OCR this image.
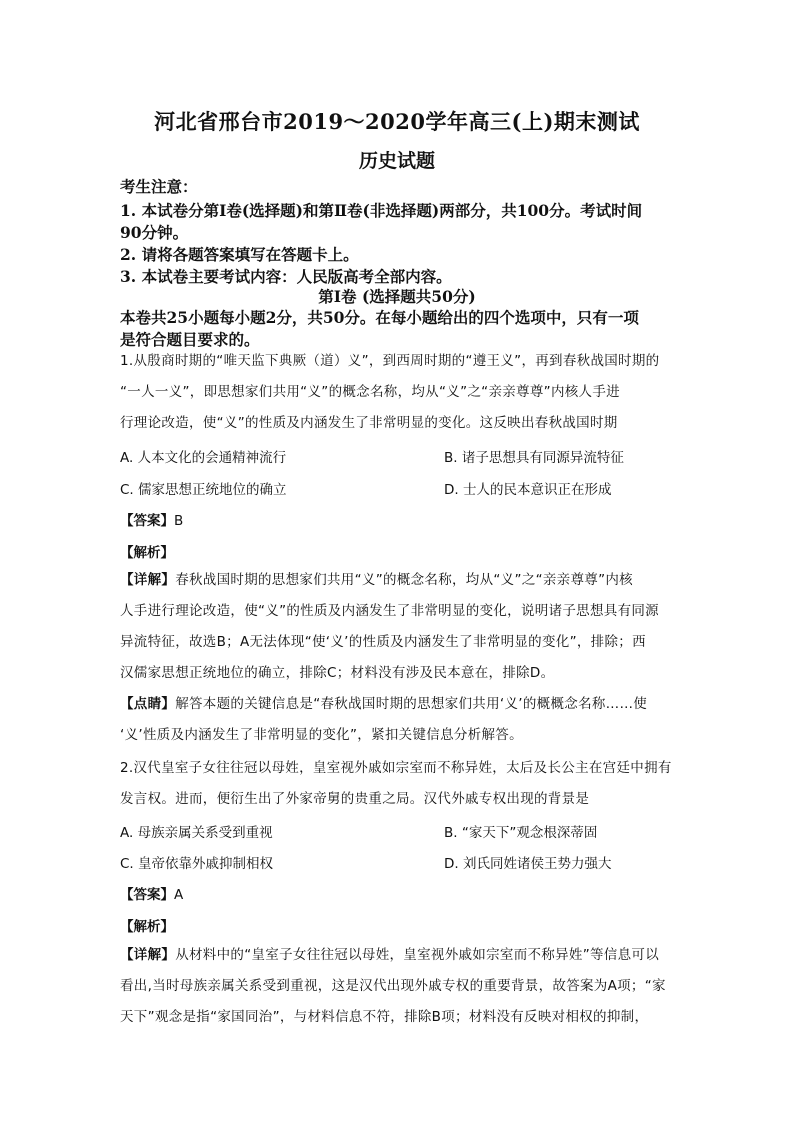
河北省邢台市2019～2020学年高三(上)期末测试
历史试题
考生注意：
1. 本试卷分第Ⅰ卷(选择题)和第Ⅱ卷(非选择题)两部分，共100分。考试时间
90分钟。
2. 请将各题答案填写在答题卡上。
3. 本试卷主要考试内容：人民版高考全部内容。
第Ⅰ卷 (选择题共50分)
本卷共25小题每小题2分，共50分。在每小题给出的四个选项中，只有一项
是符合题目要求的。
1.从殷商时期的“唯天监下典厥（道）义”，到西周时期的“遵王义”，再到春秋战国时期的
“一人一义”，即思想家们共用“义”的概念名称，均从“义”之“亲亲尊尊”内核人手进
行理论改造，使“义”的性质及内涵发生了非常明显的变化。这反映出春秋战国时期
A. 人本文化的会通精神流行	B. 诸子思想具有同源异流特征
C. 儒家思想正统地位的确立	D. 士人的民本意识正在形成
【答案】B
【解析】
【详解】春秋战国时期的思想家们共用“义”的概念名称，均从“义”之“亲亲尊尊”内核
人手进行理论改造，使“义”的性质及内涵发生了非常明显的变化，说明诸子思想具有同源
异流特征，故选B；A无法体现“使‘义’的性质及内涵发生了非常明显的变化”，排除；西
汉儒家思想正统地位的确立，排除C；材料没有涉及民本意在，排除D。
【点睛】解答本题的关键信息是“春秋战国时期的思想家们共用‘义’的概概念名称……使
‘义’性质及内涵发生了非常明显的变化”，紧扣关键信息分析解答。
2.汉代皇室子女往往冠以母姓，皇室视外戚如宗室而不称异姓，太后及长公主在宫廷中拥有
发言权。进而，便衍生出了外家帝舅的贵重之局。汉代外戚专权出现的背景是
A. 母族亲属关系受到重视	B. “家天下”观念根深蒂固
C. 皇帝依靠外戚抑制相权	D. 刘氏同姓诸侯王势力强大
【答案】A
【解析】
【详解】从材料中的“皇室子女往往冠以母姓，皇室视外戚如宗室而不称异姓”等信息可以
看出,当时母族亲属关系受到重视，这是汉代出现外戚专权的重要背景，故答案为A项；“家
天下”观念是指“家国同治”，与材料信息不符，排除B项；材料没有反映对相权的抑制，
